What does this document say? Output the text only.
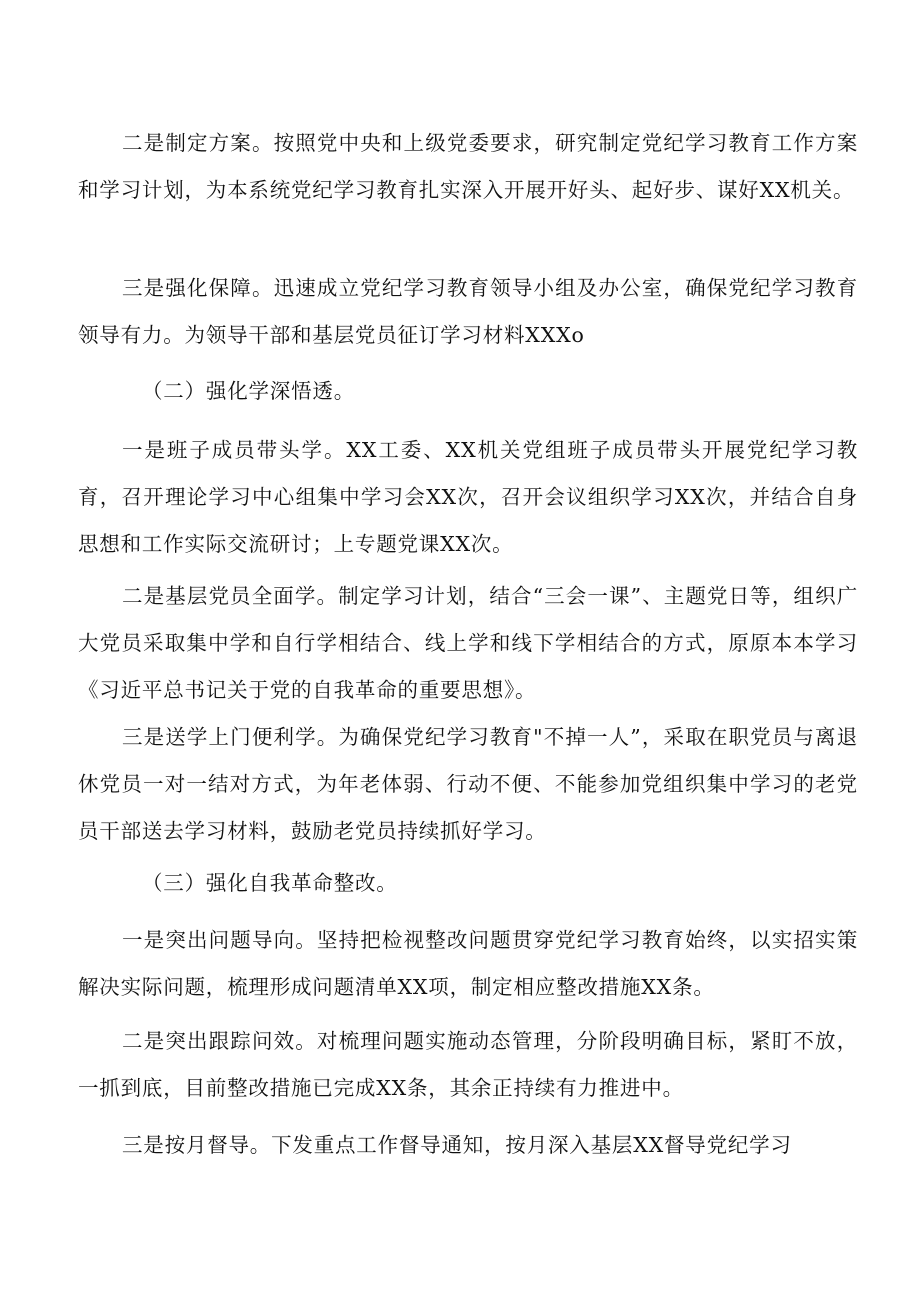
二是制定方案。按照党中央和上级党委要求，研究制定党纪学习教育工作方案和学习计划，为本系统党纪学习教育扎实深入开展开好头、起好步、谋好XX机关。

三是强化保障。迅速成立党纪学习教育领导小组及办公室，确保党纪学习教育领导有力。为领导干部和基层党员征订学习材料XXXo

（二）强化学深悟透。

一是班子成员带头学。XX工委、XX机关党组班子成员带头开展党纪学习教育，召开理论学习中心组集中学习会XX次，召开会议组织学习XX次，并结合自身思想和工作实际交流研讨；上专题党课XX次。

二是基层党员全面学。制定学习计划，结合“三会一课”、主题党日等，组织广大党员采取集中学和自行学相结合、线上学和线下学相结合的方式，原原本本学习《习近平总书记关于党的自我革命的重要思想》。

三是送学上门便利学。为确保党纪学习教育"不掉一人”，采取在职党员与离退休党员一对一结对方式，为年老体弱、行动不便、不能参加党组织集中学习的老党员干部送去学习材料，鼓励老党员持续抓好学习。

（三）强化自我革命整改。

一是突出问题导向。坚持把检视整改问题贯穿党纪学习教育始终，以实招实策解决实际问题，梳理形成问题清单XX项，制定相应整改措施XX条。

二是突出跟踪问效。对梳理问题实施动态管理，分阶段明确目标，紧盯不放，一抓到底，目前整改措施已完成XX条，其余正持续有力推进中。

三是按月督导。下发重点工作督导通知，按月深入基层XX督导党纪学习
